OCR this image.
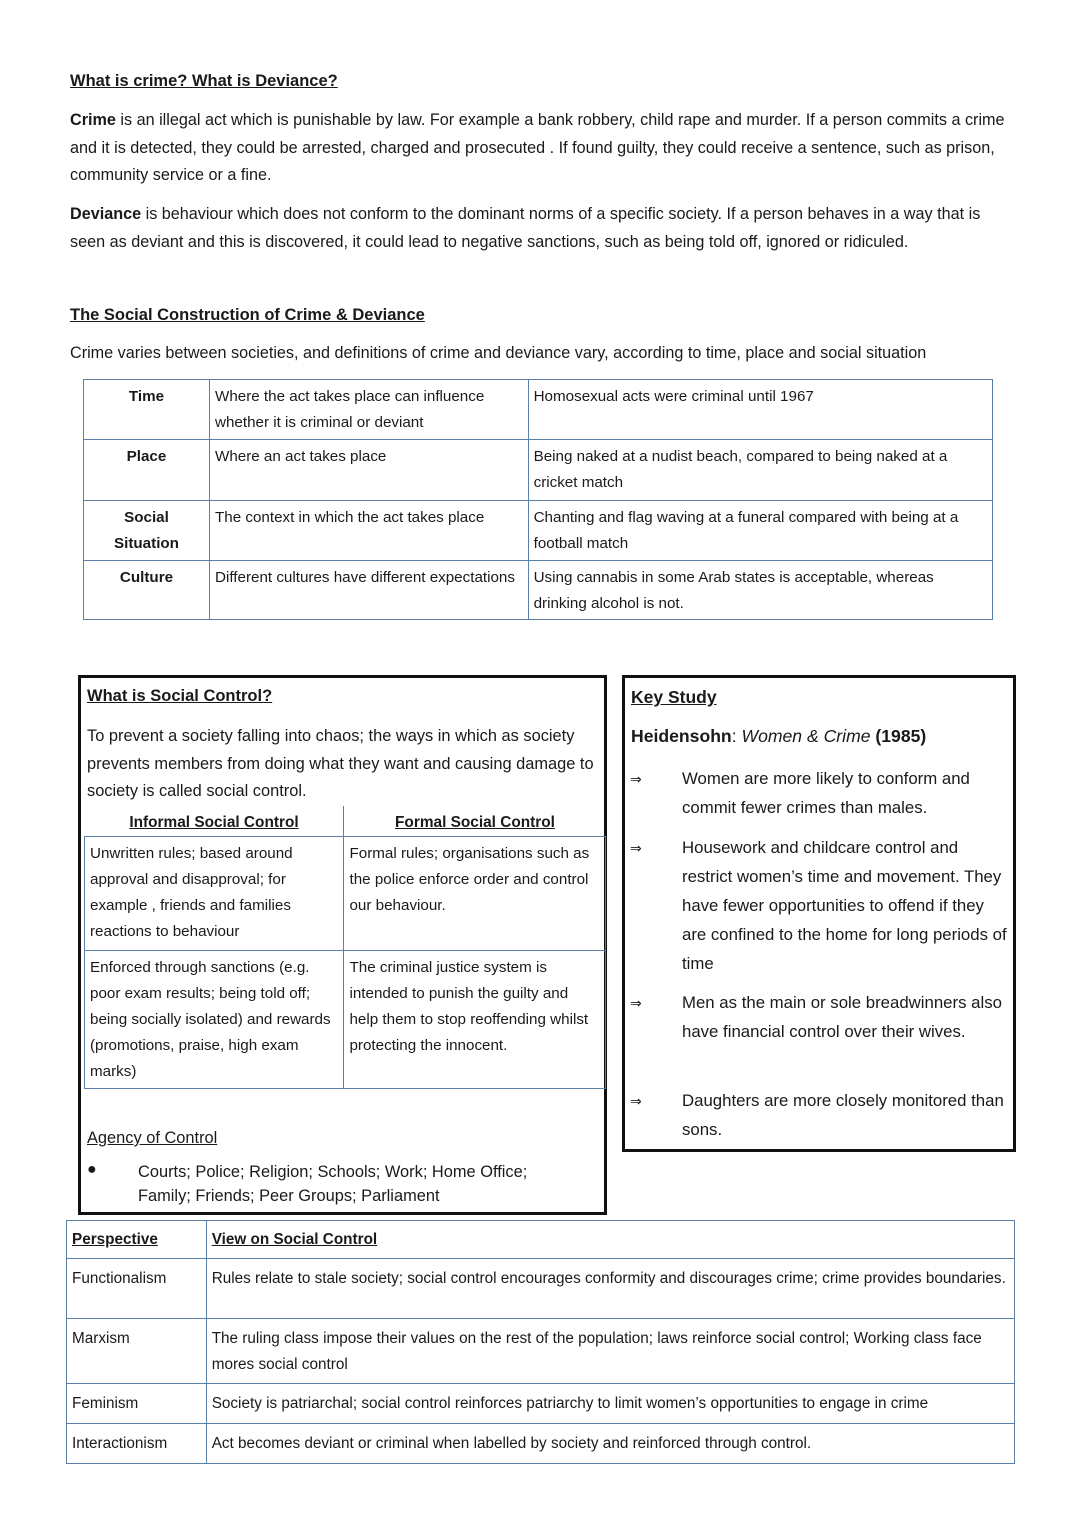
What is crime? What is Deviance?
Crime is an illegal act which is punishable by law. For example a bank robbery, child rape and murder. If a person commits a crime and it is detected, they could be arrested, charged and prosecuted . If found guilty, they could receive a sentence, such as prison, community service or a fine.
Deviance is behaviour which does not conform to the dominant norms of a specific society. If a person behaves in a way that is seen as deviant and this is discovered, it could lead to negative sanctions, such as being told off, ignored or ridiculed.
The Social Construction of Crime & Deviance
Crime varies between societies, and definitions of crime and deviance vary, according to time, place and social situation
Time	Where the act takes place can influence whether it is criminal or deviant	Homosexual acts were criminal until 1967
Place	Where an act takes place	Being naked at a nudist beach, compared to being naked at a cricket match
Social Situation	The context in which the act takes place	Chanting and flag waving at a funeral compared with being at a football match
Culture	Different cultures have different expectations	Using cannabis in some Arab states is acceptable, whereas drinking alcohol is not.
What is Social Control?
To prevent a society falling into chaos; the ways in which as society prevents members from doing what they want and causing damage to society is called social control.
Informal Social Control	Formal Social Control
Unwritten rules; based around approval and disapproval; for example , friends and families reactions to behaviour	Formal rules; organisations such as the police enforce order and control our behaviour.
Enforced through sanctions (e.g. poor exam results; being told off; being socially isolated) and rewards (promotions, praise, high exam marks)	The criminal justice system is intended to punish the guilty and help them to stop reoffending whilst protecting the innocent.
Agency of Control
●	Courts; Police; Religion; Schools; Work; Home Office; Family; Friends; Peer Groups; Parliament
Key Study
Heidensohn: Women & Crime (1985)
⇒ Women are more likely to conform and commit fewer crimes than males.
⇒ Housework and childcare control and restrict women’s time and movement. They have fewer opportunities to offend if they are confined to the home for long periods of time
⇒ Men as the main or sole breadwinners also have financial control over their wives.
⇒ Daughters are more closely monitored than sons.
Perspective	View on Social Control
Functionalism	Rules relate to stale society; social control encourages conformity and discourages crime; crime provides boundaries.
Marxism	The ruling class impose their values on the rest of the population; laws reinforce social control; Working class face mores social control
Feminism	Society is patriarchal; social control reinforces patriarchy to limit women’s opportunities to engage in crime
Interactionism	Act becomes deviant or criminal when labelled by society and reinforced through control.
